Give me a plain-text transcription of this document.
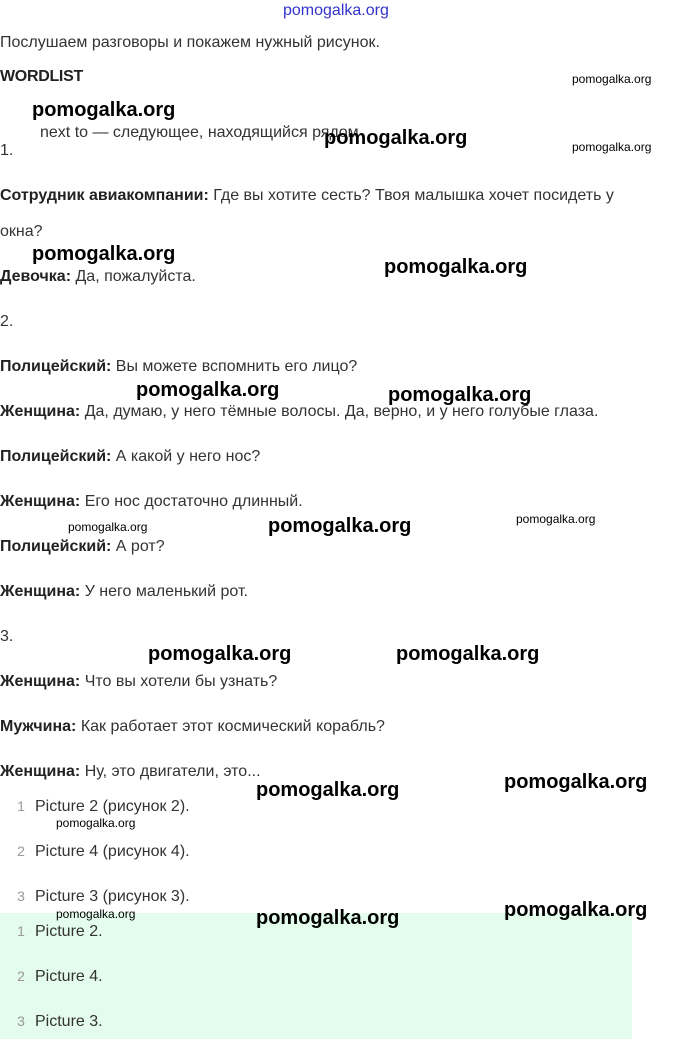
pomogalka.org
Послушаем разговоры и покажем нужный рисунок.
WORDLIST
next to — следующее, находящийся рядом
1.
Сотрудник авиакомпании: Где вы хотите сесть? Твоя малышка хочет посидеть у
окна?
Девочка: Да, пожалуйста.
2.
Полицейский: Вы можете вспомнить его лицо?
Женщина: Да, думаю, у него тёмные волосы. Да, верно, и у него голубые глаза.
Полицейский: А какой у него нос?
Женщина: Его нос достаточно длинный.
Полицейский: А рот?
Женщина: У него маленький рот.
3.
Женщина: Что вы хотели бы узнать?
Мужчина: Как работает этот космический корабль?
Женщина: Ну, это двигатели, это...
1 Picture 2 (рисунок 2).
2 Picture 4 (рисунок 4).
3 Picture 3 (рисунок 3).
1 Picture 2.
2 Picture 4.
3 Picture 3.
pomogalka.org
pomogalka.org
pomogalka.org	pomogalka.org
pomogalka.org
pomogalka.org
pomogalka.org	pomogalka.org
pomogalka.org	pomogalka.org	pomogalka.org
pomogalka.org	pomogalka.org
pomogalka.org
pomogalka.org
pomogalka.org
pomogalka.org
pomogalka.org
pomogalka.org
